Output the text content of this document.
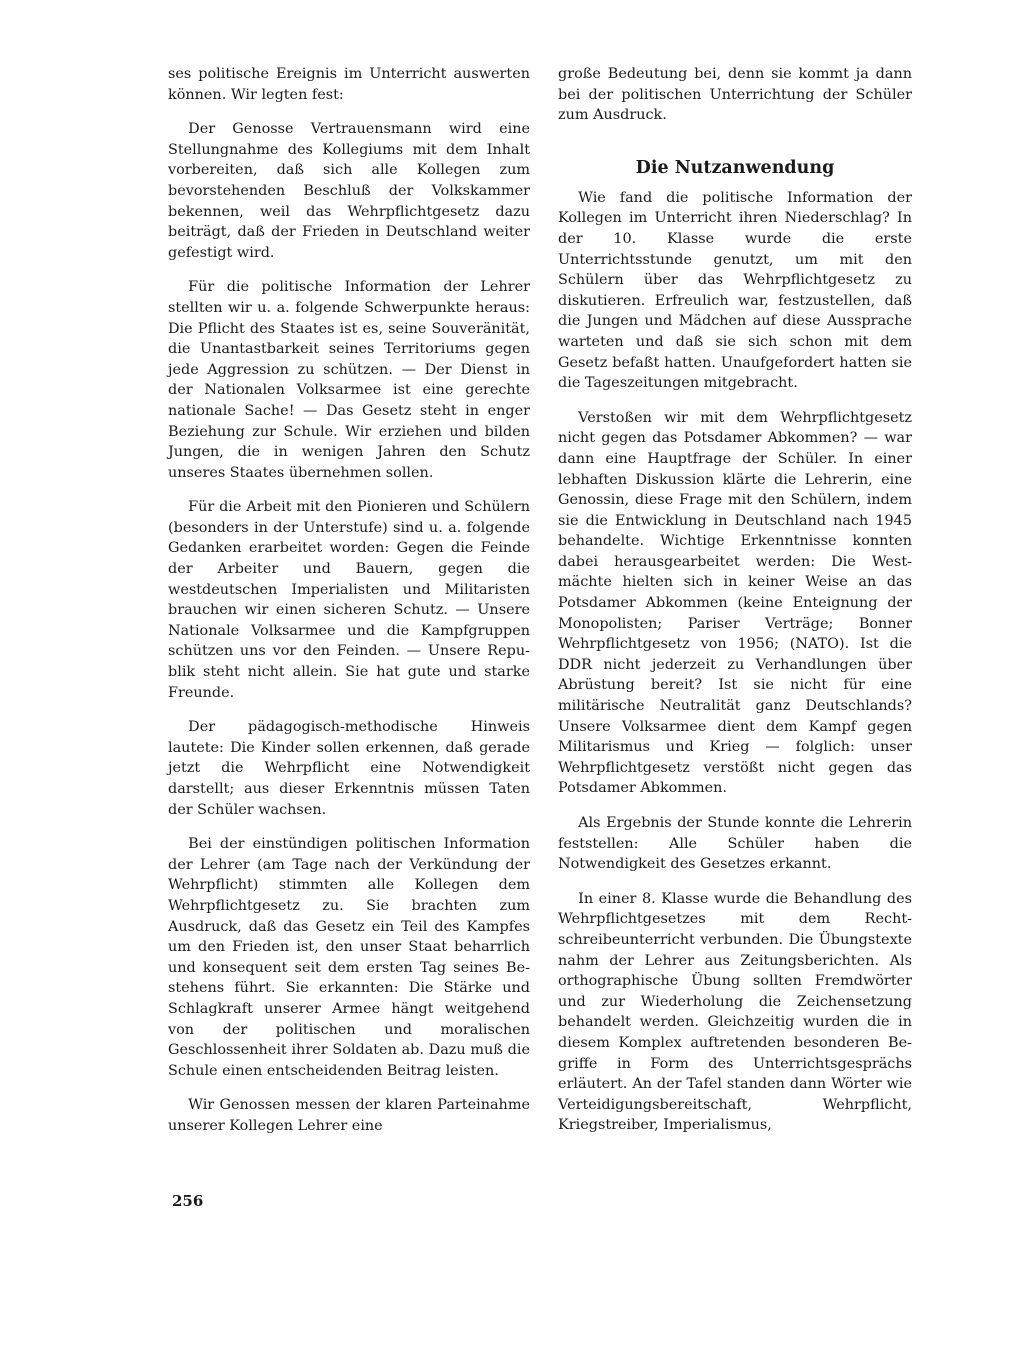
ses politische Ereignis im Unterricht auswerten können. Wir legten fest:

Der Genosse Vertrauensmann wird eine Stellungnahme des Kollegiums mit dem Inhalt vorbereiten, daß sich alle Kollegen zum bevorstehenden Beschluß der Volkskammer bekennen, weil das Wehrpflichtgesetz dazu beiträgt, daß der Frieden in Deutschland weiter gefestigt wird.

Für die politische Information der Lehrer stellten wir u. a. folgende Schwerpunkte heraus: Die Pflicht des Staates ist es, seine Souveränität, die Unantastbarkeit seines Territoriums gegen jede Aggression zu schützen. — Der Dienst in der Nationalen Volksarmee ist eine gerechte nationale Sache! — Das Gesetz steht in enger Beziehung zur Schule. Wir erziehen und bilden Jungen, die in wenigen Jahren den Schutz unseres Staates übernehmen sollen.

Für die Arbeit mit den Pionieren und Schülern (besonders in der Unterstufe) sind u. a. folgende Gedanken erarbeitet worden: Gegen die Feinde der Arbeiter und Bauern, gegen die westdeutschen Imperialisten und Militaristen brauchen wir einen sicheren Schutz. — Unsere Nationale Volksarmee und die Kampfgruppen schützen uns vor den Feinden. — Unsere Republik steht nicht allein. Sie hat gute und starke Freunde.

Der pädagogisch-methodische Hinweis lautete: Die Kinder sollen erkennen, daß gerade jetzt die Wehrpflicht eine Notwendigkeit darstellt; aus dieser Erkenntnis müssen Taten der Schüler wachsen.

Bei der einstündigen politischen Information der Lehrer (am Tage nach der Verkündung der Wehrpflicht) stimmten alle Kollegen dem Wehrpflichtgesetz zu. Sie brachten zum Ausdruck, daß das Gesetz ein Teil des Kampfes um den Frieden ist, den unser Staat beharrlich und konsequent seit dem ersten Tag seines Bestehens führt. Sie erkannten: Die Stärke und Schlagkraft unserer Armee hängt weitgehend von der politischen und moralischen Geschlossenheit ihrer Soldaten ab. Dazu muß die Schule einen entscheidenden Beitrag leisten.

Wir Genossen messen der klaren Parteinahme unserer Kollegen Lehrer eine

große Bedeutung bei, denn sie kommt ja dann bei der politischen Unterrichtung der Schüler zum Ausdruck.

Die Nutzanwendung

Wie fand die politische Information der Kollegen im Unterricht ihren Niederschlag? In der 10. Klasse wurde die erste Unterrichtsstunde genutzt, um mit den Schülern über das Wehrpflichtgesetz zu diskutieren. Erfreulich war, festzustellen, daß die Jungen und Mädchen auf diese Aussprache warteten und daß sie sich schon mit dem Gesetz befaßt hatten. Unaufgefordert hatten sie die Tageszeitungen mitgebracht.

Verstoßen wir mit dem Wehrpflichtgesetz nicht gegen das Potsdamer Abkommen? — war dann eine Hauptfrage der Schüler. In einer lebhaften Diskussion klärte die Lehrerin, eine Genossin, diese Frage mit den Schülern, indem sie die Entwicklung in Deutschland nach 1945 behandelte. Wichtige Erkenntnisse konnten dabei herausgearbeitet werden: Die Westmächte hielten sich in keiner Weise an das Potsdamer Abkommen (keine Enteignung der Monopolisten; Pariser Verträge; Bonner Wehrpflichtgesetz von 1956; (NATO). Ist die DDR nicht jederzeit zu Verhandlungen über Abrüstung bereit? Ist sie nicht für eine militärische Neutralität ganz Deutschlands? Unsere Volksarmee dient dem Kampf gegen Militarismus und Krieg — folglich: unser Wehrpflichtgesetz verstößt nicht gegen das Potsdamer Abkommen.

Als Ergebnis der Stunde konnte die Lehrerin feststellen: Alle Schüler haben die Notwendigkeit des Gesetzes erkannt.

In einer 8. Klasse wurde die Behandlung des Wehrpflichtgesetzes mit dem Rechtschreibeunterricht verbunden. Die Übungstexte nahm der Lehrer aus Zeitungsberichten. Als orthographische Übung sollten Fremdwörter und zur Wiederholung die Zeichensetzung behandelt werden. Gleichzeitig wurden die in diesem Komplex auftretenden besonderen Begriffe in Form des Unterrichtsgesprächs erläutert. An der Tafel standen dann Wörter wie Verteidigungsbereitschaft, Wehrpflicht, Kriegstreiber, Imperialismus,

256
